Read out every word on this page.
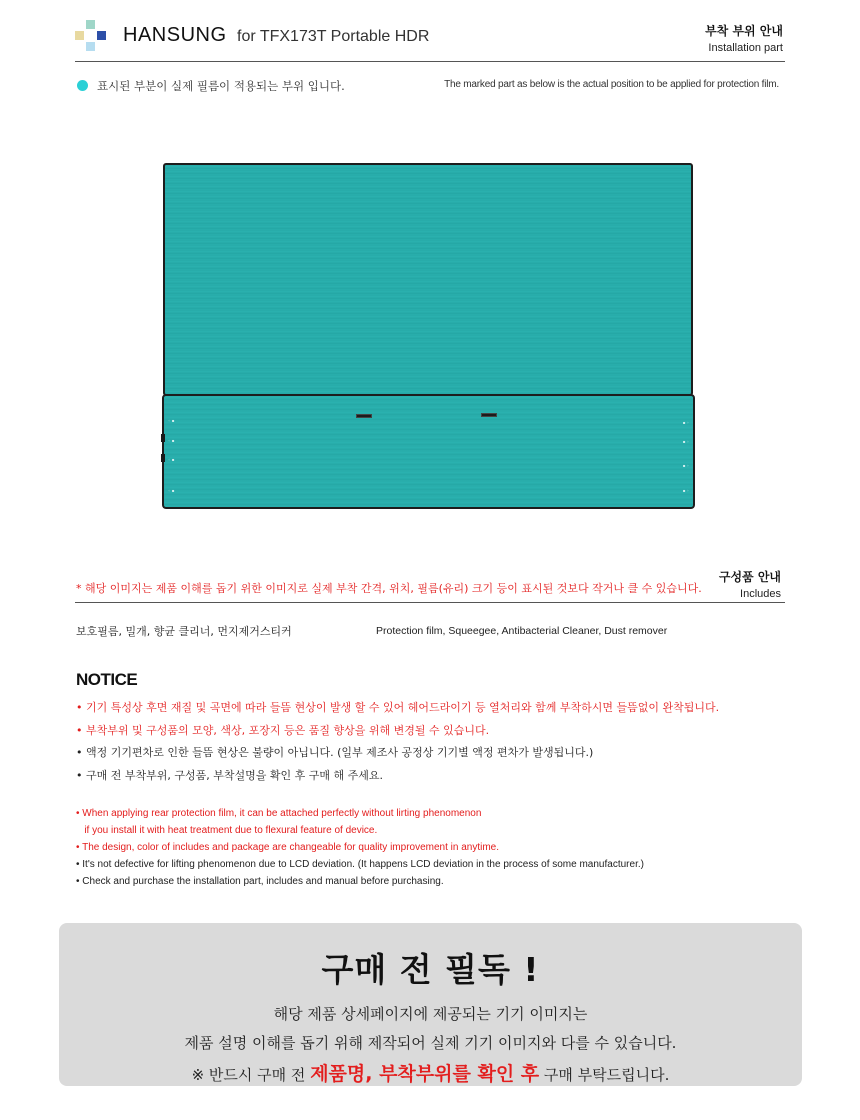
HANSUNG for TFX173T Portable HDR	부착 부위 안내
Installation part
표시된 부분이 실제 필름이 적용되는 부위 입니다.	The marked part as below is the actual position to be applied for protection film.
◦ ▪
◦ ▪
◦ ▪
◦ ▪
▪ ◦
▪ ◦
▪ ◦
▪ ◦
* 해당 이미지는 제품 이해를 돕기 위한 이미지로 실제 부착 간격, 위치, 필름(유리) 크기 등이 표시된 것보다 작거나 클 수 있습니다.
구성품 안내
Includes
보호필름, 밀개, 향균 클리너, 먼지제거스티커	Protection film, Squeegee, Antibacterial Cleaner, Dust remover
NOTICE
• 기기 특성상 후면 재질 및 곡면에 따라 들뜸 현상이 발생 할 수 있어 헤어드라이기 등 열처리와 함께 부착하시면 들뜸없이 완착됩니다.
• 부착부위 및 구성품의 모양, 색상, 포장지 등은 품질 향상을 위해 변경될 수 있습니다.
• 액정 기기편차로 인한 들뜸 현상은 불량이 아닙니다. (일부 제조사 공정상 기기별 액정 편차가 발생됩니다.)
• 구매 전 부착부위, 구성품, 부착설명을 확인 후 구매 해 주세요.
• When applying rear protection film, it can be attached perfectly without lirting phenomenon
if you install it with heat treatment due to flexural feature of device.
• The design, color of includes and package are changeable for quality improvement in anytime.
• It's not defective for lifting phenomenon due to LCD deviation. (It happens LCD deviation in the process of some manufacturer.)
• Check and purchase the installation part, includes and manual before purchasing.
구매 전 필독 !
해당 제품 상세페이지에 제공되는 기기 이미지는
제품 설명 이해를 돕기 위해 제작되어 실제 기기 이미지와 다를 수 있습니다.
※ 반드시 구매 전 제품명, 부착부위를 확인 후 구매 부탁드립니다.
